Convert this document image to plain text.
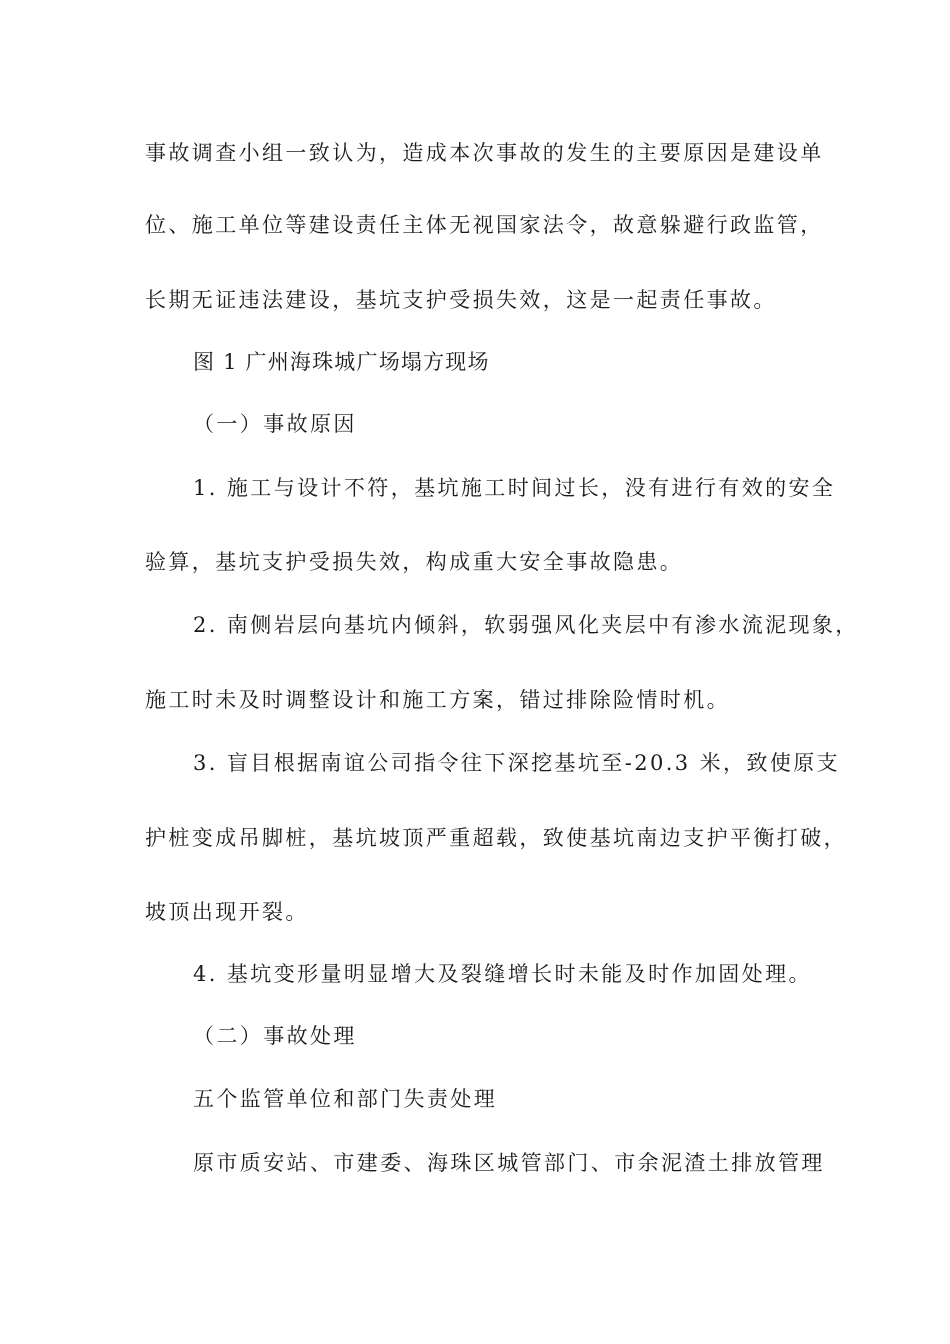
事故调查小组一致认为，造成本次事故的发生的主要原因是建设单
位、施工单位等建设责任主体无视国家法令，故意躲避行政监管，
长期无证违法建设，基坑支护受损失效，这是一起责任事故。
图 1 广州海珠城广场塌方现场
（一）事故原因
1. 施工与设计不符，基坑施工时间过长，没有进行有效的安全
验算，基坑支护受损失效，构成重大安全事故隐患。
2. 南侧岩层向基坑内倾斜，软弱强风化夹层中有渗水流泥现象，
施工时未及时调整设计和施工方案，错过排除险情时机。
3. 盲目根据南谊公司指令往下深挖基坑至-20.3 米，致使原支
护桩变成吊脚桩，基坑坡顶严重超载，致使基坑南边支护平衡打破，
坡顶出现开裂。
4. 基坑变形量明显增大及裂缝增长时未能及时作加固处理。
（二）事故处理
五个监管单位和部门失责处理
原市质安站、市建委、海珠区城管部门、市余泥渣土排放管理
